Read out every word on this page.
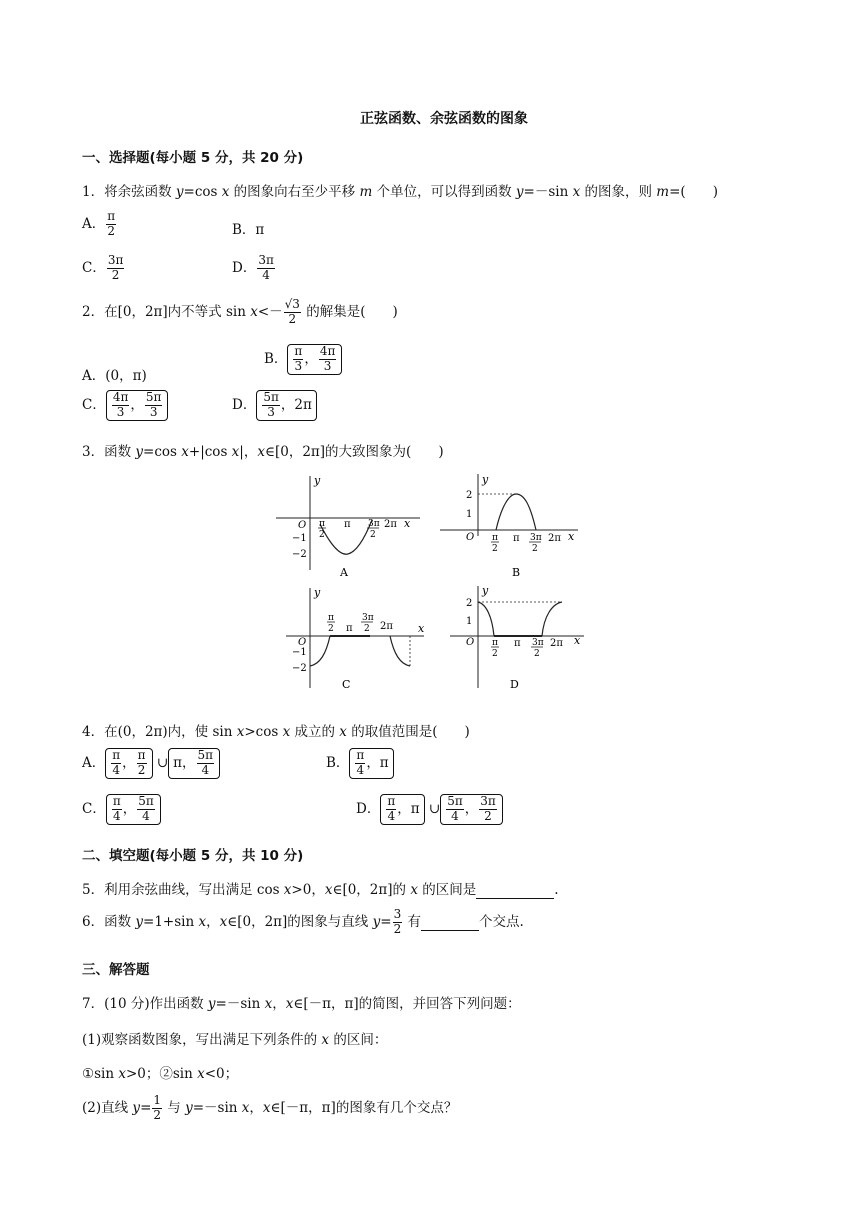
正弦函数、余弦函数的图象
一、选择题(每小题 5 分，共 20 分)
1．将余弦函数 y=cos x 的图象向右至少平移 m 个单位，可以得到函数 y=－sin x 的图象，则 m=(　　)
A． $\frac{\pi}{2}$	B．π
C． $\frac{3\pi}{2}$	D． $\frac{3\pi}{4}$
2．在[0，2π]内不等式 $\sin x<- \frac{√3}{2}$ 的解集是(　　)
A．(0，π)
B． $\frac{\pi}{3}$ ， $\frac{4\pi}{3}$
C． $\frac{4\pi}{3}$ ， $\frac{5\pi}{3}$	D． $\frac{5\pi}{3}$ ，2π
3．函数 y=cos x+|cos x|，x∈[0，2π]的大致图象为(　　)
y
x
O
−1
−2
π
2
π 3π
2
2π
A
y
x
O
2
1
π
2
π 3π
2
2π
B
y
x
O
−1
−2
π
2 π
3π
2 2π
C
y
x
O
2
1
π
2
π 3π
2
2π
D
4．在(0，2π)内，使 sin x>cos x 成立的 x 的取值范围是(　　)
A． $\frac{\pi}{4}$ ， $\frac{\pi}{2}$ ∪ π， $\frac{5\pi}{4}$	B． $\frac{\pi}{4}$ ，π
C． $\frac{\pi}{4}$ ， $\frac{5\pi}{4}$	D． $\frac{\pi}{4}$ ，π ∪ $\frac{5\pi}{4}$ ， $\frac{3\pi}{2}$
二、填空题(每小题 5 分，共 10 分)
5．利用余弦曲线，写出满足 cos x>0，x∈[0，2π]的 x 的区间是	.
6．函数 y=1+sin x，x∈[0，2π]的图象与直线 $y= \frac{3}{2}$ 有	个交点.
三、解答题
7．(10 分)作出函数 y=－sin x，x∈[－π，π]的简图，并回答下列问题：
(1)观察函数图象，写出满足下列条件的 x 的区间：
①sin x>0；②sin x<0；
(2)直线 $y= \frac{1}{2}$ 与 y=－sin x，x∈[－π，π]的图象有几个交点？
